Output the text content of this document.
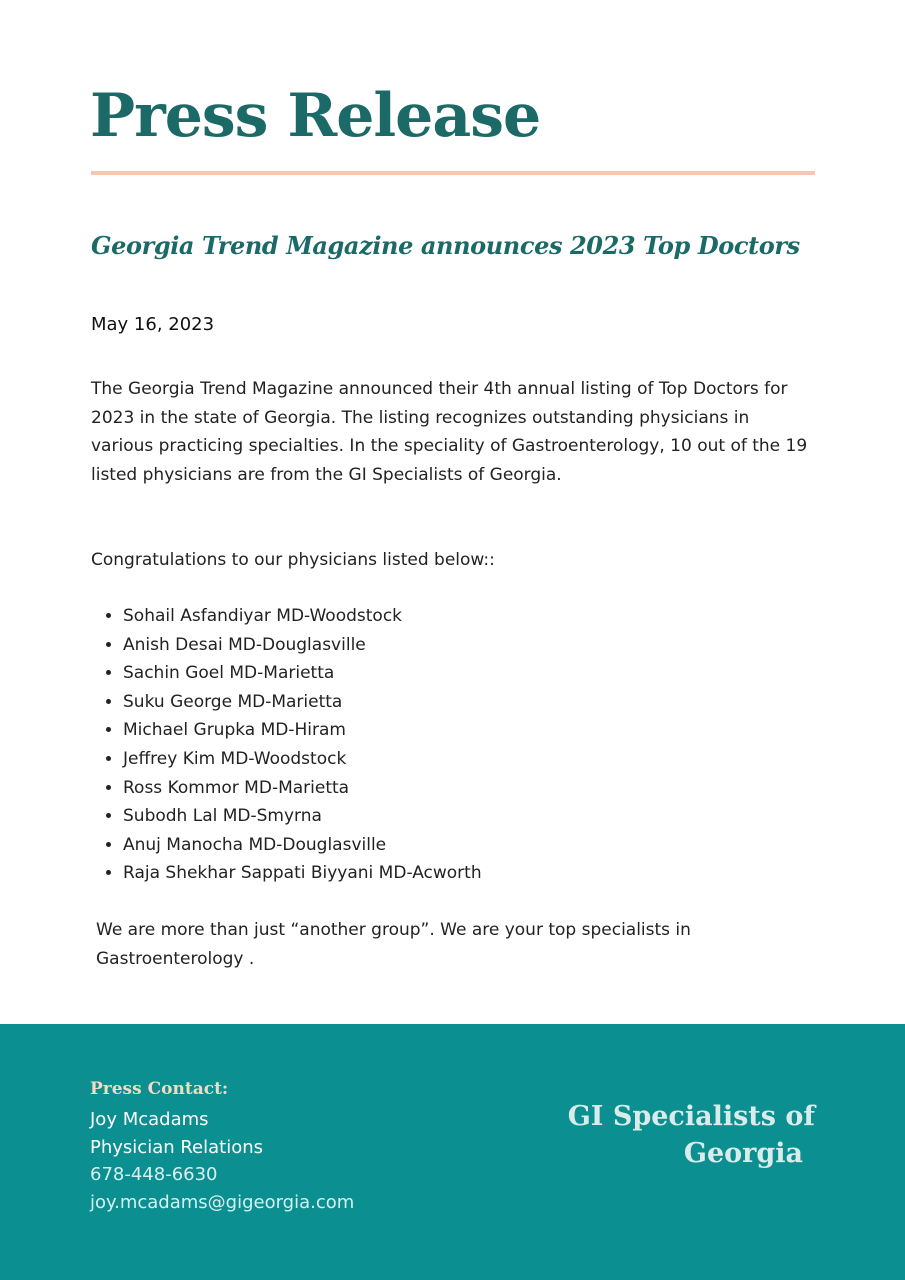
Press Release
Georgia Trend Magazine announces 2023 Top Doctors
May 16, 2023

The Georgia Trend Magazine announced their 4th annual listing of Top Doctors for 2023 in the state of Georgia. The listing recognizes outstanding physicians in various practicing specialties. In the speciality of Gastroenterology, 10 out of the 19 listed physicians are from the GI Specialists of Georgia.

Congratulations to our physicians listed below::

• Sohail Asfandiyar MD-Woodstock
• Anish Desai MD-Douglasville
• Sachin Goel MD-Marietta
• Suku George MD-Marietta
• Michael Grupka MD-Hiram
• Jeffrey Kim MD-Woodstock
• Ross Kommor MD-Marietta
• Subodh Lal MD-Smyrna
• Anuj Manocha MD-Douglasville
• Raja Shekhar Sappati Biyyani MD-Acworth

We are more than just “another group”. We are your top specialists in Gastroenterology .

Press Contact:
Joy Mcadams
Physician Relations
678-448-6630
joy.mcadams@gigeorgia.com
GI Specialists of
Georgia
